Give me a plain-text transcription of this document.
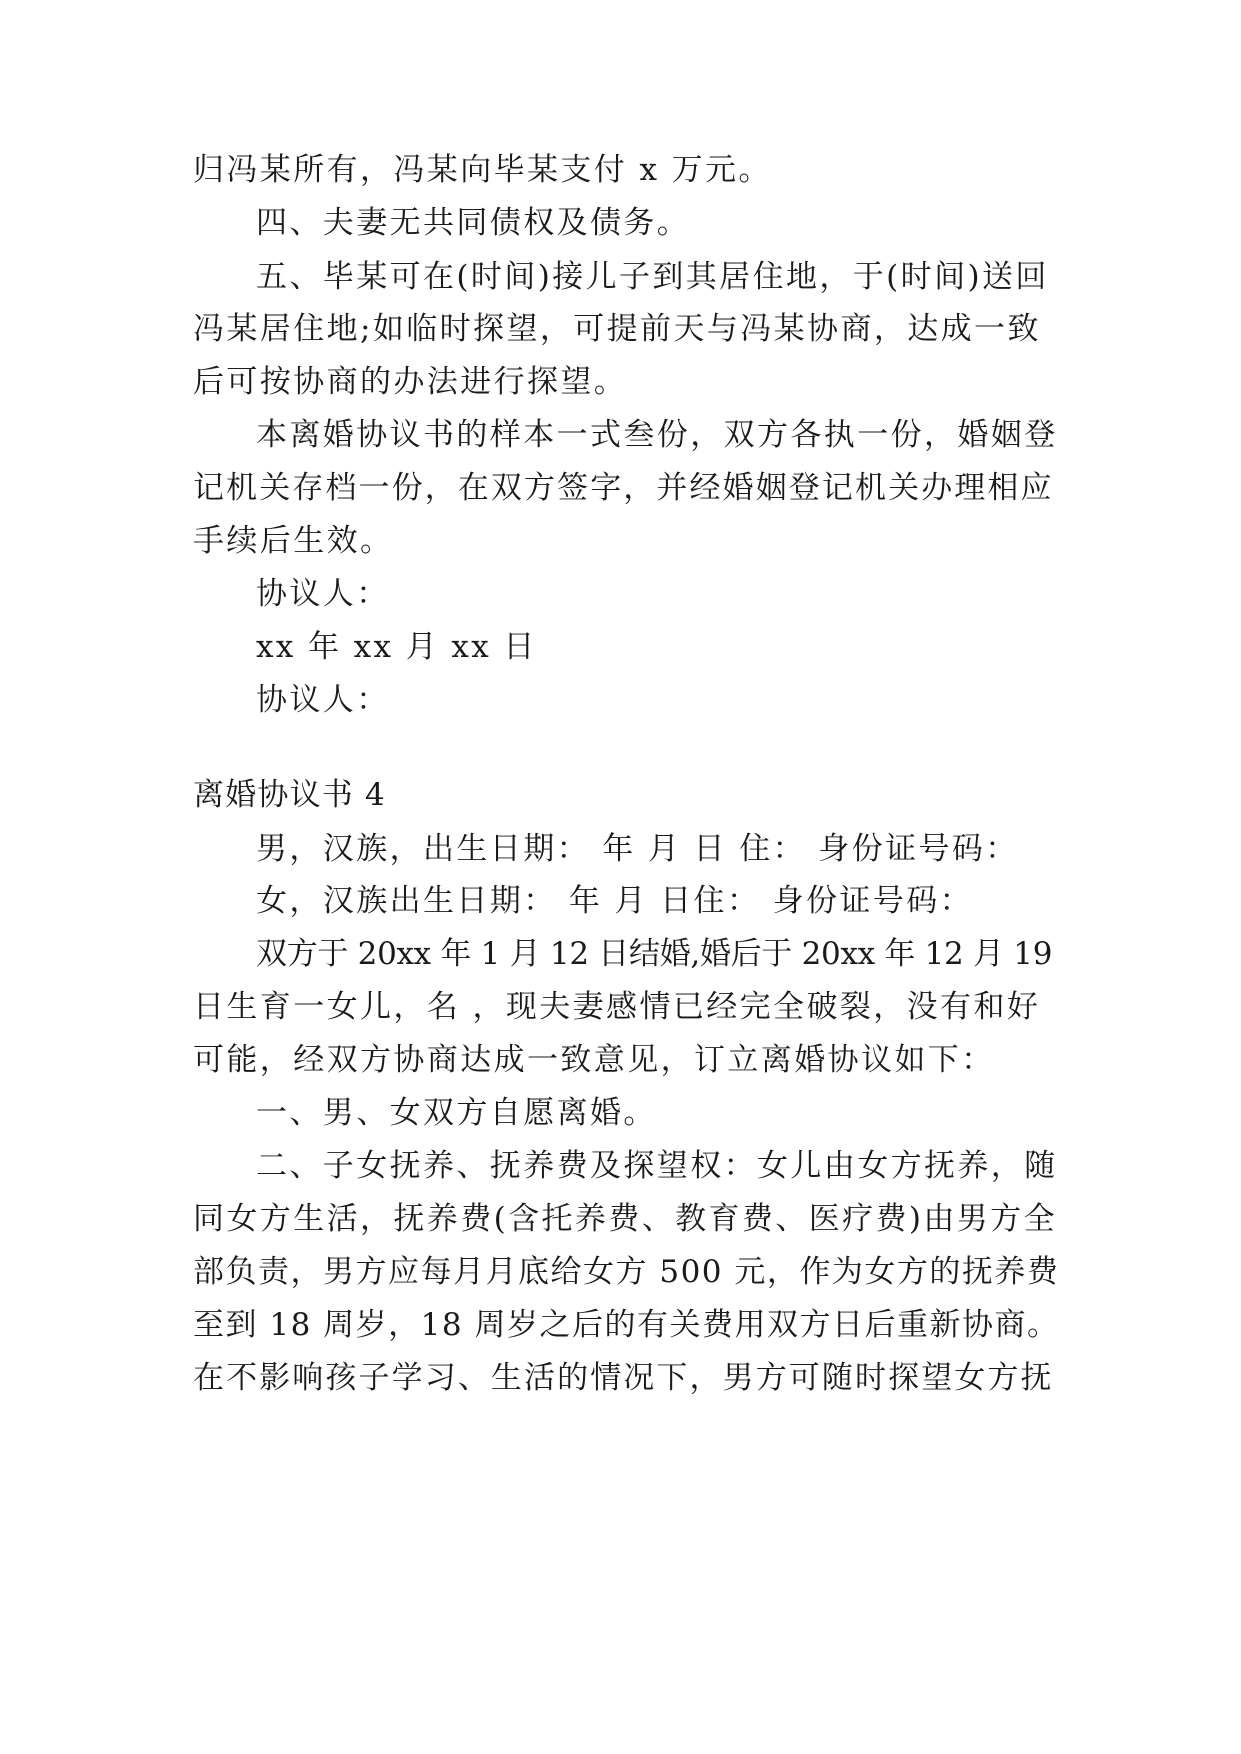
归冯某所有，冯某向毕某支付 x 万元。

四、夫妻无共同债权及债务。

五、毕某可在(时间)接儿子到其居住地，于(时间)送回

冯某居住地;如临时探望，可提前天与冯某协商，达成一致

后可按协商的办法进行探望。

本离婚协议书的样本一式叁份，双方各执一份，婚姻登

记机关存档一份，在双方签字，并经婚姻登记机关办理相应

手续后生效。

协议人：

xx 年 xx 月 xx 日

协议人：

离婚协议书 4

男，汉族，出生日期： 年 月 日 住： 身份证号码：

女，汉族出生日期： 年 月 日住： 身份证号码：

双方于 20xx 年 1 月 12 日结婚,婚后于 20xx 年 12 月 19

日生育一女儿，名 ，现夫妻感情已经完全破裂，没有和好

可能，经双方协商达成一致意见，订立离婚协议如下：

一、男、女双方自愿离婚。

二、子女抚养、抚养费及探望权：女儿由女方抚养，随

同女方生活，抚养费(含托养费、教育费、医疗费)由男方全

部负责，男方应每月月底给女方 500 元，作为女方的抚养费

至到 18 周岁，18 周岁之后的有关费用双方日后重新协商。

在不影响孩子学习、生活的情况下，男方可随时探望女方抚
